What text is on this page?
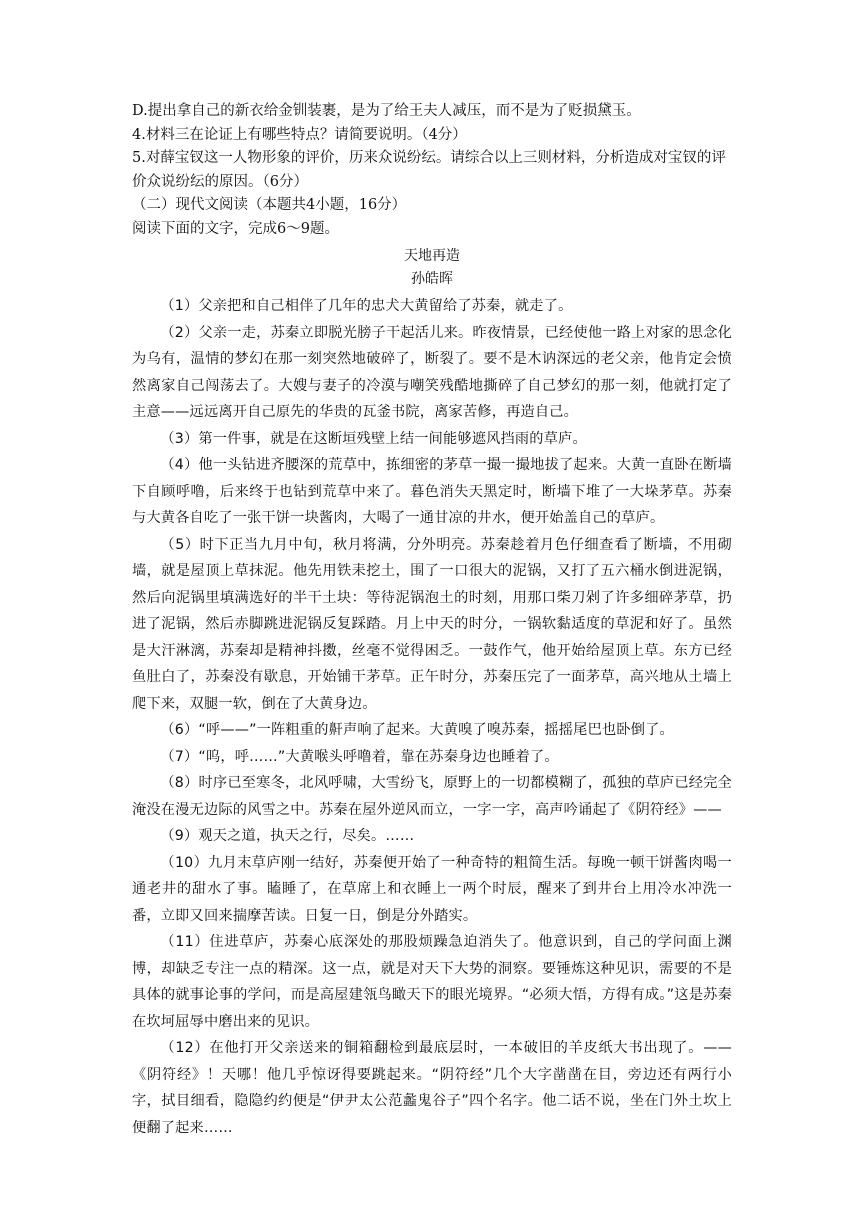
D.提出拿自己的新衣给金钏装裹，是为了给王夫人减压，而不是为了贬损黛玉。

4.材料三在论证上有哪些特点？请简要说明。（4分）

5.对薛宝钗这一人物形象的评价，历来众说纷纭。请综合以上三则材料，分析造成对宝钗的评价众说纷纭的原因。（6分）

（二）现代文阅读（本题共4小题，16分）

阅读下面的文字，完成6～9题。

天地再造
孙皓晖

（1）父亲把和自己相伴了几年的忠犬大黄留给了苏秦，就走了。

（2）父亲一走，苏秦立即脱光膀子干起活儿来。昨夜情景，已经使他一路上对家的思念化为乌有，温情的梦幻在那一刻突然地破碎了，断裂了。要不是木讷深远的老父亲，他肯定会愤然离家自己闯荡去了。大嫂与妻子的冷漠与嘲笑残酷地撕碎了自己梦幻的那一刻，他就打定了主意——远远离开自己原先的华贵的瓦釜书院，离家苦修，再造自己。

（3）第一件事，就是在这断垣残壁上结一间能够遮风挡雨的草庐。

（4）他一头钻进齐腰深的荒草中，拣细密的茅草一撮一撮地拔了起来。大黄一直卧在断墙下自顾呼噜，后来终于也钻到荒草中来了。暮色消失天黑定时，断墙下堆了一大垛茅草。苏秦与大黄各自吃了一张干饼一块酱肉，大喝了一通甘凉的井水，便开始盖自己的草庐。

（5）时下正当九月中旬，秋月将满，分外明亮。苏秦趁着月色仔细查看了断墙，不用砌墙，就是屋顶上草抹泥。他先用铁耒挖土，围了一口很大的泥锅，又打了五六桶水倒进泥锅，然后向泥锅里填满选好的半干土块：等待泥锅泡土的时刻，用那口柴刀剁了许多细碎茅草，扔进了泥锅，然后赤脚跳进泥锅反复踩踏。月上中天的时分，一锅软黏适度的草泥和好了。虽然是大汗淋漓，苏秦却是精神抖擞，丝毫不觉得困乏。一鼓作气，他开始给屋顶上草。东方已经鱼肚白了，苏秦没有歇息，开始铺干茅草。正午时分，苏秦压完了一面茅草，高兴地从土墙上爬下来，双腿一软，倒在了大黄身边。

（6）“呼——”一阵粗重的鼾声响了起来。大黄嗅了嗅苏秦，摇摇尾巴也卧倒了。

（7）“呜，呼……”大黄喉头呼噜着，靠在苏秦身边也睡着了。

（8）时序已至寒冬，北风呼啸，大雪纷飞，原野上的一切都模糊了，孤独的草庐已经完全淹没在漫无边际的风雪之中。苏秦在屋外逆风而立，一字一字，高声吟诵起了《阴符经》——

（9）观天之道，执天之行，尽矣。……

（10）九月末草庐刚一结好，苏秦便开始了一种奇特的粗简生活。每晚一顿干饼酱肉喝一通老井的甜水了事。瞌睡了，在草席上和衣睡上一两个时辰，醒来了到井台上用冷水冲洗一番，立即又回来揣摩苦读。日复一日，倒是分外踏实。

（11）住进草庐，苏秦心底深处的那股烦躁急迫消失了。他意识到，自己的学问面上渊博，却缺乏专注一点的精深。这一点，就是对天下大势的洞察。要锤炼这种见识，需要的不是具体的就事论事的学问，而是高屋建瓴鸟瞰天下的眼光境界。“必须大悟，方得有成。”这是苏秦在坎坷屈辱中磨出来的见识。

（12）在他打开父亲送来的铜箱翻检到最底层时，一本破旧的羊皮纸大书出现了。——《阴符经》！天哪！他几乎惊讶得要跳起来。“阴符经”几个大字凿凿在目，旁边还有两行小字，拭目细看，隐隐约约便是“伊尹太公范蠡鬼谷子”四个名字。他二话不说，坐在门外土坎上便翻了起来……
